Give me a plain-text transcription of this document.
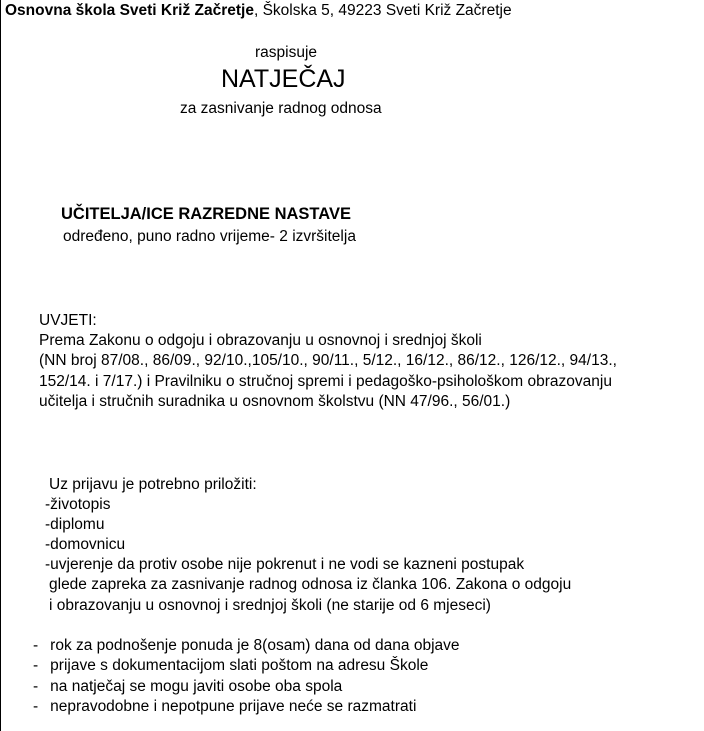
Osnovna škola Sveti Križ Začretje, Školska 5, 49223 Sveti Križ Začretje
raspisuje
NATJEČAJ
za zasnivanje radnog odnosa
UČITELJA/ICE RAZREDNE NASTAVE
određeno, puno radno vrijeme- 2 izvršitelja
UVJETI:
Prema Zakonu o odgoju i obrazovanju u osnovnoj i srednjoj školi
(NN broj 87/08., 86/09., 92/10.,105/10., 90/11., 5/12., 16/12., 86/12., 126/12., 94/13.,
152/14. i 7/17.) i Pravilniku o stručnoj spremi i pedagoško-psihološkom obrazovanju
učitelja i stručnih suradnika u osnovnom školstvu (NN 47/96., 56/01.)
Uz prijavu je potrebno priložiti:
-životopis
-diplomu
-domovnicu
-uvjerenje da protiv osobe nije pokrenut i ne vodi se kazneni postupak
glede zapreka za zasnivanje radnog odnosa iz članka 106. Zakona o odgoju
i obrazovanju u osnovnoj i srednjoj školi (ne starije od 6 mjeseci)
- rok za podnošenje ponuda je 8(osam) dana od dana objave
- prijave s dokumentacijom slati poštom na adresu Škole
- na natječaj se mogu javiti osobe oba spola
- nepravodobne i nepotpune prijave neće se razmatrati
